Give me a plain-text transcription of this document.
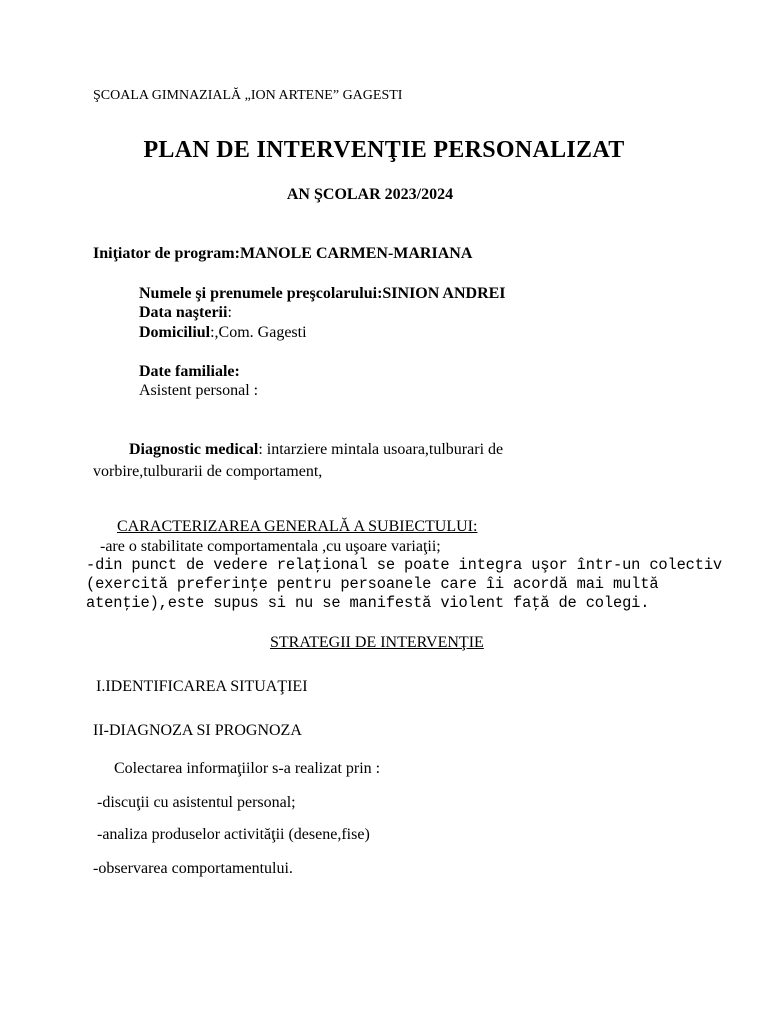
ŞCOALA GIMNAZIALĂ „ION ARTENE” GAGESTI
PLAN DE INTERVENŢIE PERSONALIZAT
AN ŞCOLAR 2023/2024
Iniţiator de program:MANOLE CARMEN-MARIANA
Numele şi prenumele preşcolarului:SINION ANDREI
Data naşterii:
Domiciliul:,Com. Gagesti
Date familiale:
Asistent personal :
Diagnostic medical: intarziere mintala usoara,tulburari de
vorbire,tulburarii de comportament,
CARACTERIZAREA GENERALĂ A SUBIECTULUI:
-are o stabilitate comportamentala ,cu uşoare variaţii;
-din punct de vedere relaţional se poate integra uşor într-un colectiv
(exercită preferinţe pentru persoanele care îi acordă mai multă
atenţie),este supus si nu se manifestă violent faţă de colegi.
STRATEGII DE INTERVENŢIE
I.IDENTIFICAREA SITUAŢIEI
II-DIAGNOZA SI PROGNOZA
Colectarea informaţiilor s-a realizat prin :
-discuţii cu asistentul personal;
-analiza produselor activităţii (desene,fise)
-observarea comportamentului.
